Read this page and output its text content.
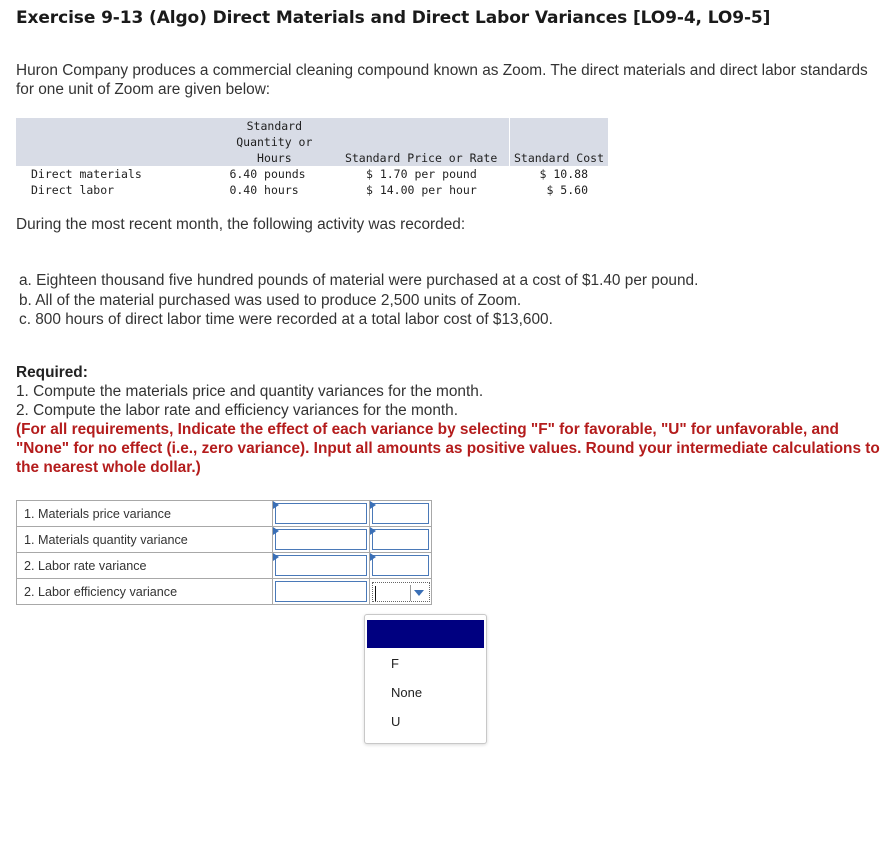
Exercise 9-13 (Algo) Direct Materials and Direct Labor Variances [LO9-4, LO9-5]
Huron Company produces a commercial cleaning compound known as Zoom. The direct materials and direct labor standards for one unit of Zoom are given below:

	Standard
Quantity or
Hours	Standard Price or Rate	Standard Cost
Direct materials	6.40 pounds	$ 1.70 per pound	$ 10.88
Direct labor	0.40 hours	$ 14.00 per hour	$ 5.60
During the most recent month, the following activity was recorded:
a. Eighteen thousand five hundred pounds of material were purchased at a cost of $1.40 per pound.
b. All of the material purchased was used to produce 2,500 units of Zoom.
c. 800 hours of direct labor time were recorded at a total labor cost of $13,600.
Required:
1. Compute the materials price and quantity variances for the month.
2. Compute the labor rate and efficiency variances for the month.
(For all requirements, Indicate the effect of each variance by selecting "F" for favorable, "U" for unfavorable, and "None" for no effect (i.e., zero variance). Input all amounts as positive values. Round your intermediate calculations to the nearest whole dollar.)
1. Materials price variance	

1. Materials quantity variance	

2. Labor rate variance	

2. Labor efficiency variance	

F
None
U
